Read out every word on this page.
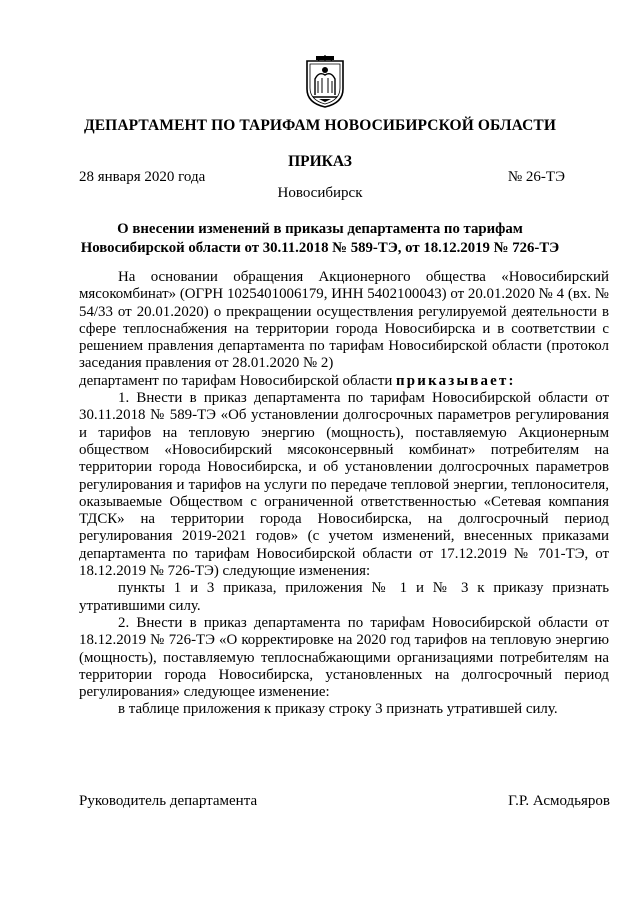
ДЕПАРТАМЕНТ ПО ТАРИФАМ НОВОСИБИРСКОЙ ОБЛАСТИ
ПРИКАЗ
28 января 2020 года	№ 26-ТЭ
Новосибирск
О внесении изменений в приказы департамента по тарифам Новосибирской области от 30.11.2018 № 589-ТЭ, от 18.12.2019 № 726-ТЭ

На основании обращения Акционерного общества «Новосибирский мясокомбинат» (ОГРН 1025401006179, ИНН 5402100043) от 20.01.2020 № 4 (вх. № 54/33 от 20.01.2020) о прекращении осуществления регулируемой деятельности в сфере теплоснабжения на территории города Новосибирска и в соответствии с решением правления департамента по тарифам Новосибирской области (протокол заседания правления от 28.01.2020 № 2)

департамент по тарифам Новосибирской области приказывает:

1. Внести в приказ департамента по тарифам Новосибирской области от 30.11.2018 № 589-ТЭ «Об установлении долгосрочных параметров регулирования и тарифов на тепловую энергию (мощность), поставляемую Акционерным обществом «Новосибирский мясоконсервный комбинат» потребителям на территории города Новосибирска, и об установлении долгосрочных параметров регулирования и тарифов на услуги по передаче тепловой энергии, теплоносителя, оказываемые Обществом с ограниченной ответственностью «Сетевая компания ТДСК» на территории города Новосибирска, на долгосрочный период регулирования 2019-2021 годов» (с учетом изменений, внесенных приказами департамента по тарифам Новосибирской области от 17.12.2019 № 701-ТЭ, от 18.12.2019 № 726-ТЭ) следующие изменения:

пункты 1 и 3 приказа, приложения № 1 и № 3 к приказу признать утратившими силу.

2. Внести в приказ департамента по тарифам Новосибирской области от 18.12.2019 № 726-ТЭ «О корректировке на 2020 год тарифов на тепловую энергию (мощность), поставляемую теплоснабжающими организациями потребителям на территории города Новосибирска, установленных на долгосрочный период регулирования» следующее изменение:

в таблице приложения к приказу строку 3 признать утратившей силу.

Руководитель департамента	Г.Р. Асмодьяров
